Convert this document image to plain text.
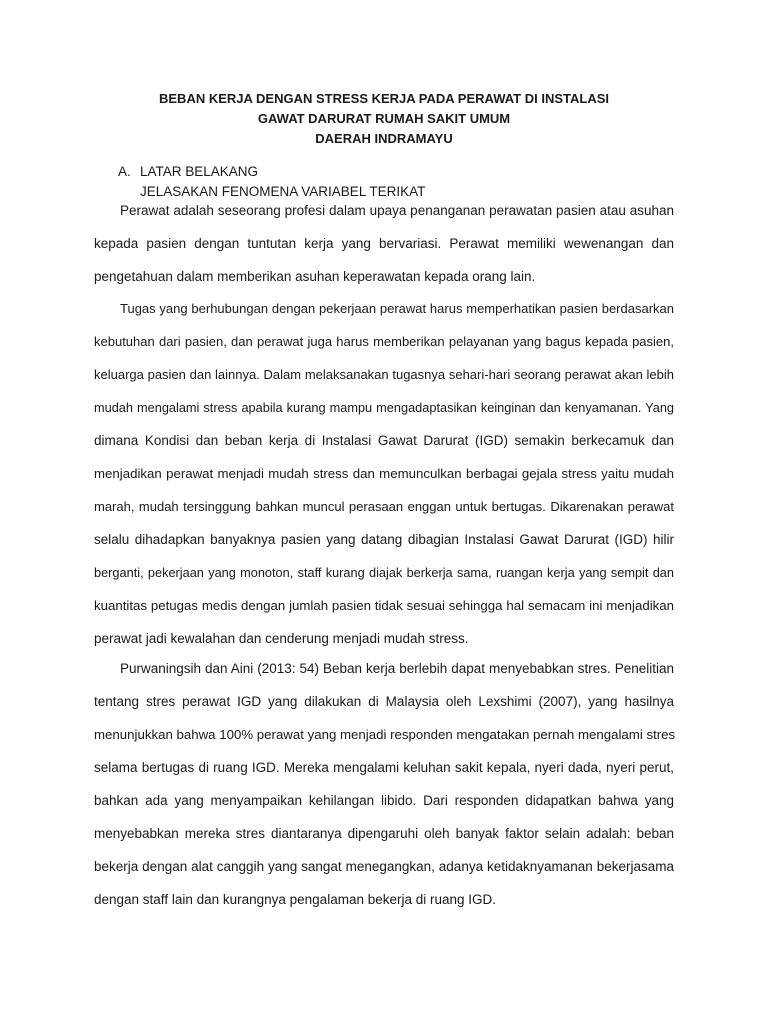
BEBAN KERJA DENGAN STRESS KERJA PADA PERAWAT DI INSTALASI
GAWAT DARURAT RUMAH SAKIT UMUM
DAERAH INDRAMAYU
A. LATAR BELAKANG
JELASAKAN FENOMENA VARIABEL TERIKAT
Perawat adalah seseorang profesi dalam upaya penanganan perawatan pasien atau asuhan
kepada pasien dengan tuntutan kerja yang bervariasi. Perawat memiliki wewenangan dan
pengetahuan dalam memberikan asuhan keperawatan kepada orang lain.
Tugas yang berhubungan dengan pekerjaan perawat harus memperhatikan pasien berdasarkan
kebutuhan dari pasien, dan perawat juga harus memberikan pelayanan yang bagus kepada pasien,
keluarga pasien dan lainnya. Dalam melaksanakan tugasnya sehari-hari seorang perawat akan lebih
mudah mengalami stress apabila kurang mampu mengadaptasikan keinginan dan kenyamanan. Yang
dimana Kondisi dan beban kerja di Instalasi Gawat Darurat (IGD) semakin berkecamuk dan
menjadikan perawat menjadi mudah stress dan memunculkan berbagai gejala stress yaitu mudah
marah, mudah tersinggung bahkan muncul perasaan enggan untuk bertugas. Dikarenakan perawat
selalu dihadapkan banyaknya pasien yang datang dibagian Instalasi Gawat Darurat (IGD) hilir
berganti, pekerjaan yang monoton, staff kurang diajak berkerja sama, ruangan kerja yang sempit dan
kuantitas petugas medis dengan jumlah pasien tidak sesuai sehingga hal semacam ini menjadikan
perawat jadi kewalahan dan cenderung menjadi mudah stress.
Purwaningsih dan Aini (2013: 54) Beban kerja berlebih dapat menyebabkan stres. Penelitian
tentang stres perawat IGD yang dilakukan di Malaysia oleh Lexshimi (2007), yang hasilnya
menunjukkan bahwa 100% perawat yang menjadi responden mengatakan pernah mengalami stres
selama bertugas di ruang IGD. Mereka mengalami keluhan sakit kepala, nyeri dada, nyeri perut,
bahkan ada yang menyampaikan kehilangan libido. Dari responden didapatkan bahwa yang
menyebabkan mereka stres diantaranya dipengaruhi oleh banyak faktor selain adalah: beban
bekerja dengan alat canggih yang sangat menegangkan, adanya ketidaknyamanan bekerjasama
dengan staff lain dan kurangnya pengalaman bekerja di ruang IGD.
